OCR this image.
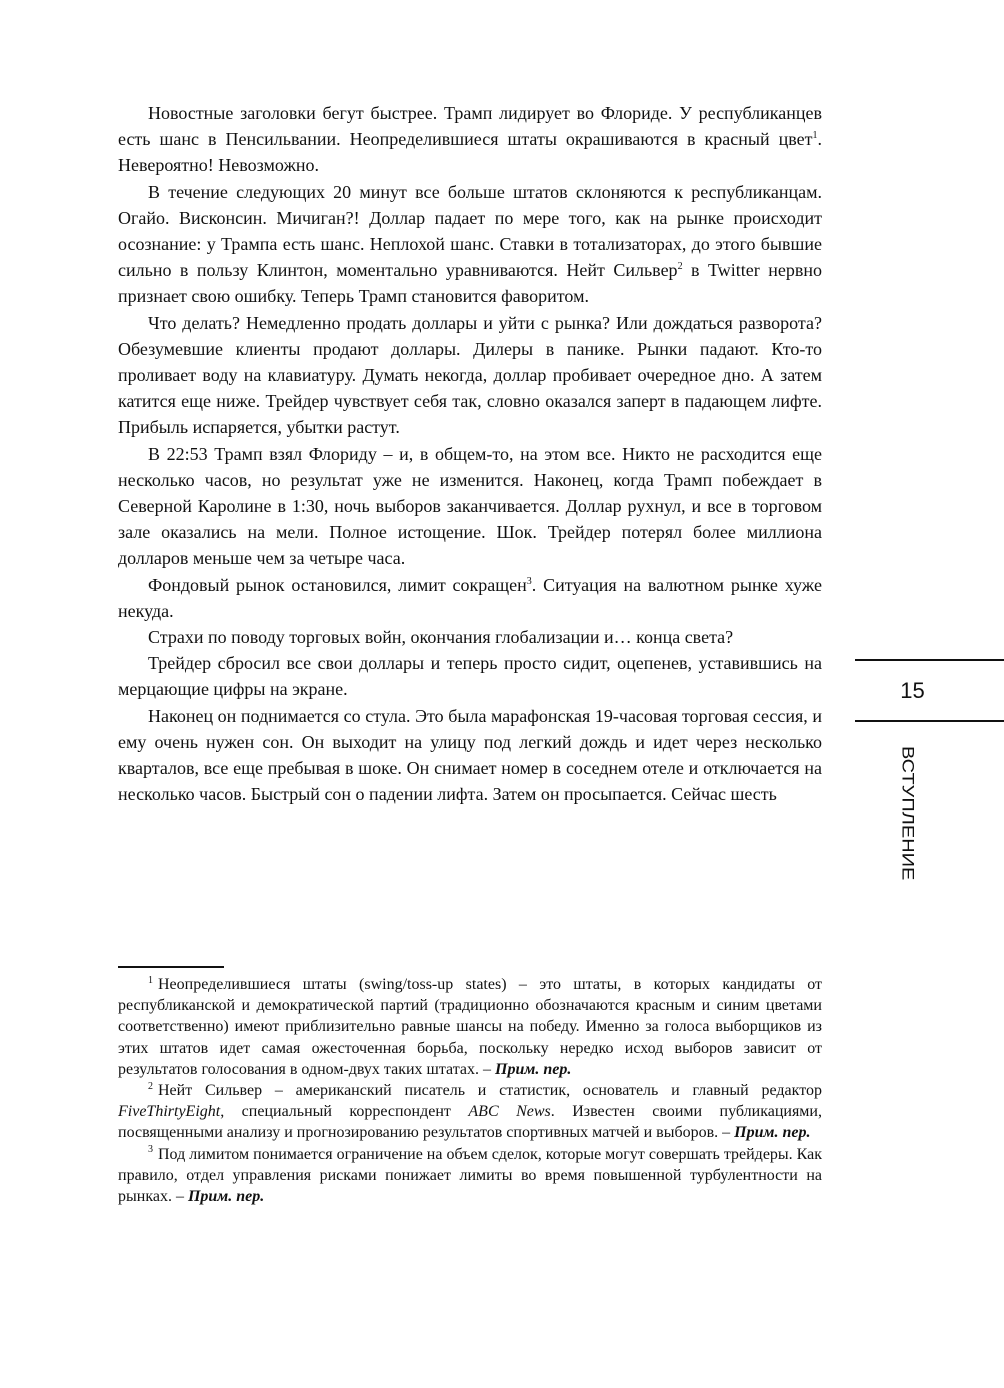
Новостные заголовки бегут быстрее. Трамп лидирует во Флориде. У республиканцев есть шанс в Пенсильвании. Неопределившиеся штаты окрашиваются в красный цвет$^1$. Невероятно! Невозможно.

В течение следующих 20 минут все больше штатов склоняются к республиканцам. Огайо. Висконсин. Мичиган?! Доллар падает по мере того, как на рынке происходит осознание: у Трампа есть шанс. Неплохой шанс. Ставки в тотализаторах, до этого бывшие сильно в пользу Клинтон, моментально уравниваются. Нейт Сильвер$^2$ в Twitter нервно признает свою ошибку. Теперь Трамп становится фаворитом.

Что делать? Немедленно продать доллары и уйти с рынка? Или дождаться разворота? Обезумевшие клиенты продают доллары. Дилеры в панике. Рынки падают. Кто-то проливает воду на клавиатуру. Думать некогда, доллар пробивает очередное дно. А затем катится еще ниже. Трейдер чувствует себя так, словно оказался заперт в падающем лифте. Прибыль испаряется, убытки растут.

В 22:53 Трамп взял Флориду – и, в общем-то, на этом все. Никто не расходится еще несколько часов, но результат уже не изменится. Наконец, когда Трамп побеждает в Северной Каролине в 1:30, ночь выборов заканчивается. Доллар рухнул, и все в торговом зале оказались на мели. Полное истощение. Шок. Трейдер потерял более миллиона долларов меньше чем за четыре часа.

Фондовый рынок остановился, лимит сокращен$^3$. Ситуация на валютном рынке хуже некуда.

Страхи по поводу торговых войн, окончания глобализации и… конца света?

Трейдер сбросил все свои доллары и теперь просто сидит, оцепенев, уставившись на мерцающие цифры на экране.

Наконец он поднимается со стула. Это была марафонская 19-часовая торговая сессия, и ему очень нужен сон. Он выходит на улицу под легкий дождь и идет через несколько кварталов, все еще пребывая в шоке. Он снимает номер в соседнем отеле и отключается на несколько часов. Быстрый сон о падении лифта. Затем он просыпается. Сейчас шесть

$^1$ Неопределившиеся штаты (swing/toss-up states) – это штаты, в которых кандидаты от республиканской и демократической партий (традиционно обозначаются красным и синим цветами соответственно) имеют приблизительно равные шансы на победу. Именно за голоса выборщиков из этих штатов идет самая ожесточенная борьба, поскольку нередко исход выборов зависит от результатов голосования в одном-двух таких штатах. – Прим. пер.

$^2$ Нейт Сильвер – американский писатель и статистик, основатель и главный редактор FiveThirtyEight, специальный корреспондент ABC News. Известен своими публикациями, посвященными анализу и прогнозированию результатов спортивных матчей и выборов. – Прим. пер.

$^3$ Под лимитом понимается ограничение на объем сделок, которые могут совершать трейдеры. Как правило, отдел управления рисками понижает лимиты во время повышенной турбулентности на рынках. – Прим. пер.

15
ВСТУПЛЕНИЕ
